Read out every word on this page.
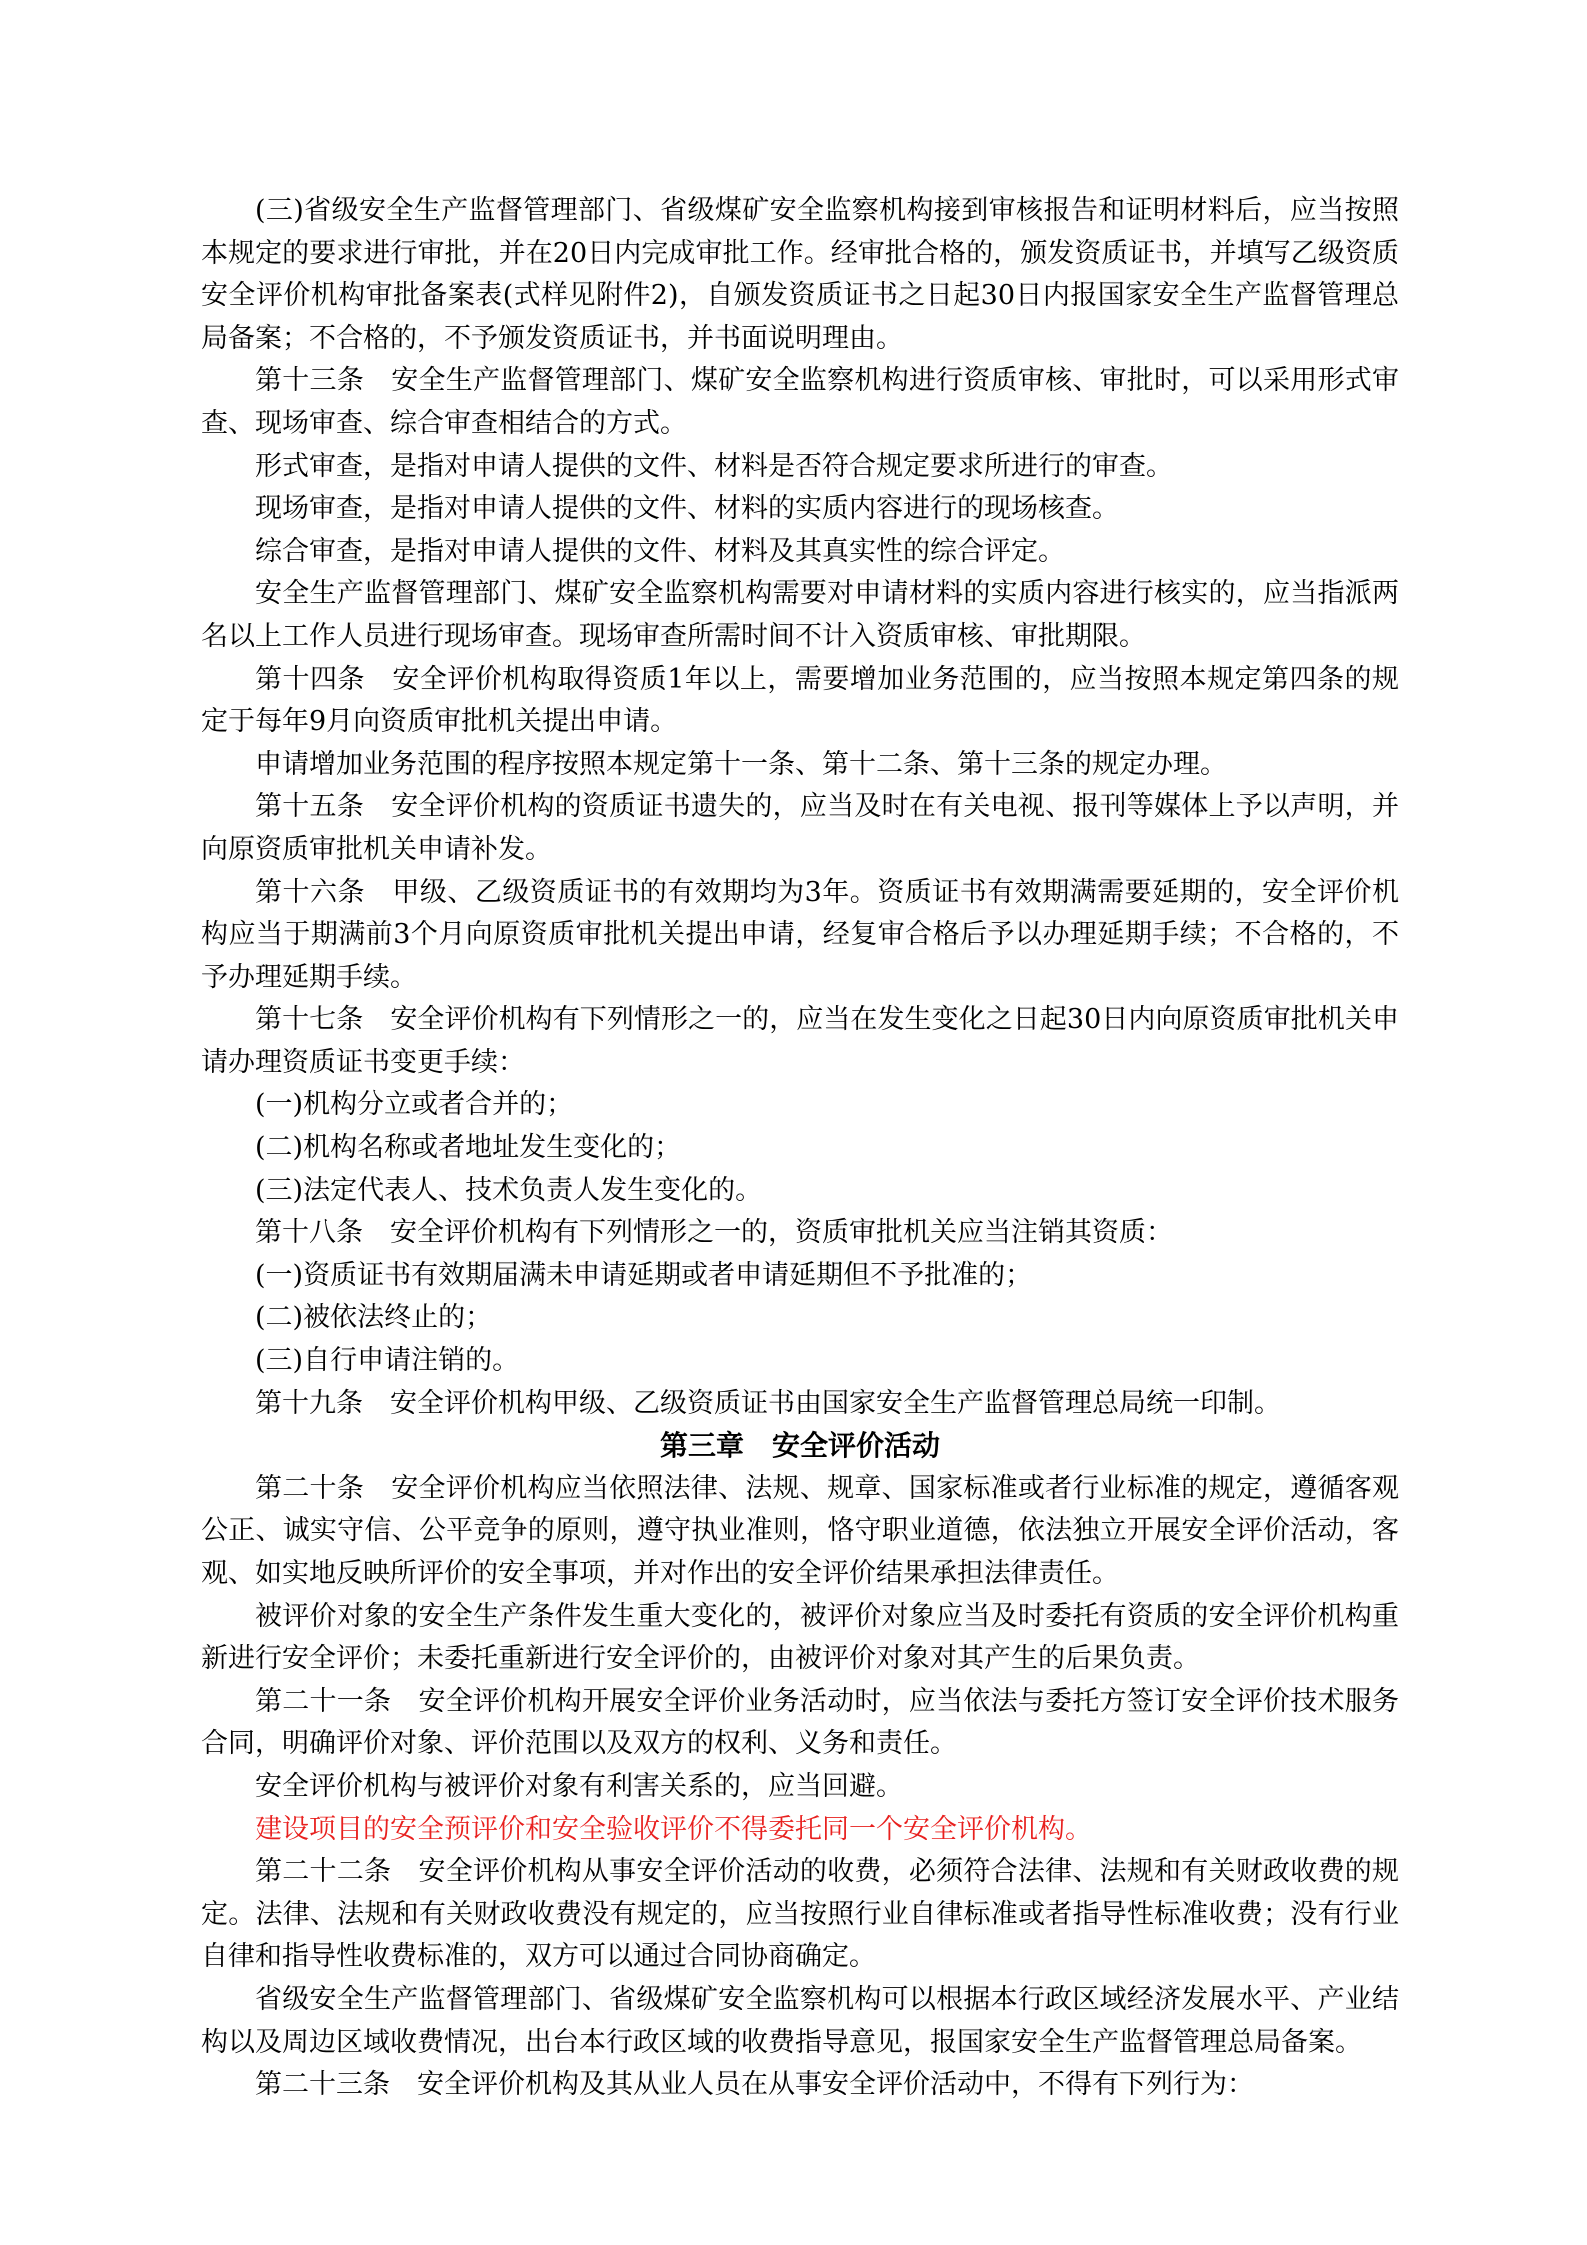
(三)省级安全生产监督管理部门、省级煤矿安全监察机构接到审核报告和证明材料后，应当按照本规定的要求进行审批，并在20日内完成审批工作。经审批合格的，颁发资质证书，并填写乙级资质安全评价机构审批备案表(式样见附件2)，自颁发资质证书之日起30日内报国家安全生产监督管理总局备案；不合格的，不予颁发资质证书，并书面说明理由。

第十三条　安全生产监督管理部门、煤矿安全监察机构进行资质审核、审批时，可以采用形式审查、现场审查、综合审查相结合的方式。

形式审查，是指对申请人提供的文件、材料是否符合规定要求所进行的审查。

现场审查，是指对申请人提供的文件、材料的实质内容进行的现场核查。

综合审查，是指对申请人提供的文件、材料及其真实性的综合评定。

安全生产监督管理部门、煤矿安全监察机构需要对申请材料的实质内容进行核实的，应当指派两名以上工作人员进行现场审查。现场审查所需时间不计入资质审核、审批期限。

第十四条　安全评价机构取得资质1年以上，需要增加业务范围的，应当按照本规定第四条的规定于每年9月向资质审批机关提出申请。

申请增加业务范围的程序按照本规定第十一条、第十二条、第十三条的规定办理。

第十五条　安全评价机构的资质证书遗失的，应当及时在有关电视、报刊等媒体上予以声明，并向原资质审批机关申请补发。

第十六条　甲级、乙级资质证书的有效期均为3年。资质证书有效期满需要延期的，安全评价机构应当于期满前3个月向原资质审批机关提出申请，经复审合格后予以办理延期手续；不合格的，不予办理延期手续。

第十七条　安全评价机构有下列情形之一的，应当在发生变化之日起30日内向原资质审批机关申请办理资质证书变更手续：

(一)机构分立或者合并的；

(二)机构名称或者地址发生变化的；

(三)法定代表人、技术负责人发生变化的。

第十八条　安全评价机构有下列情形之一的，资质审批机关应当注销其资质：

(一)资质证书有效期届满未申请延期或者申请延期但不予批准的；

(二)被依法终止的；

(三)自行申请注销的。

第十九条　安全评价机构甲级、乙级资质证书由国家安全生产监督管理总局统一印制。

第三章　安全评价活动

第二十条　安全评价机构应当依照法律、法规、规章、国家标准或者行业标准的规定，遵循客观公正、诚实守信、公平竞争的原则，遵守执业准则，恪守职业道德，依法独立开展安全评价活动，客观、如实地反映所评价的安全事项，并对作出的安全评价结果承担法律责任。

被评价对象的安全生产条件发生重大变化的，被评价对象应当及时委托有资质的安全评价机构重新进行安全评价；未委托重新进行安全评价的，由被评价对象对其产生的后果负责。

第二十一条　安全评价机构开展安全评价业务活动时，应当依法与委托方签订安全评价技术服务合同，明确评价对象、评价范围以及双方的权利、义务和责任。

安全评价机构与被评价对象有利害关系的，应当回避。

建设项目的安全预评价和安全验收评价不得委托同一个安全评价机构。

第二十二条　安全评价机构从事安全评价活动的收费，必须符合法律、法规和有关财政收费的规定。法律、法规和有关财政收费没有规定的，应当按照行业自律标准或者指导性标准收费；没有行业自律和指导性收费标准的，双方可以通过合同协商确定。

省级安全生产监督管理部门、省级煤矿安全监察机构可以根据本行政区域经济发展水平、产业结构以及周边区域收费情况，出台本行政区域的收费指导意见，报国家安全生产监督管理总局备案。

第二十三条　安全评价机构及其从业人员在从事安全评价活动中，不得有下列行为：
